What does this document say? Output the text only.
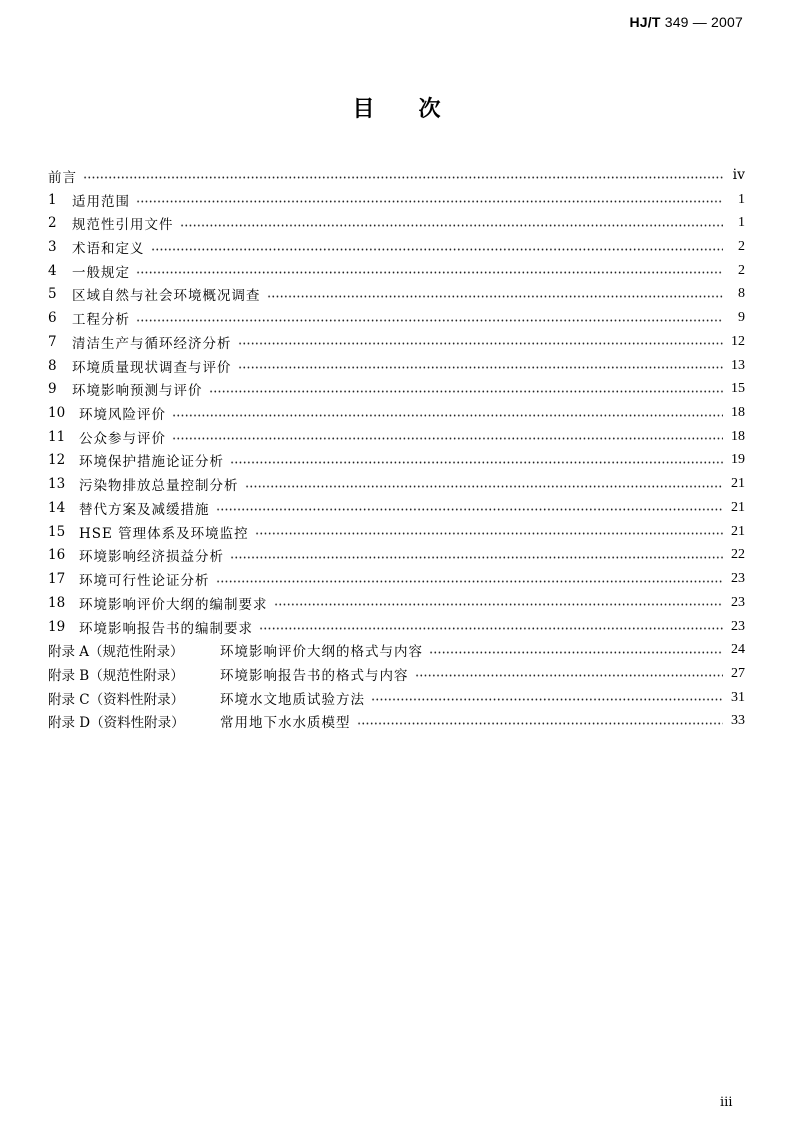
HJ/T 349 — 2007
目 次
前言	ⅳ
1	适用范围	1
2	规范性引用文件	1
3	术语和定义	2
4	一般规定	2
5	区域自然与社会环境概况调查	8
6	工程分析	9
7	清洁生产与循环经济分析	12
8	环境质量现状调查与评价	13
9	环境影响预测与评价	15
10	环境风险评价	18
11	公众参与评价	18
12	环境保护措施论证分析	19
13	污染物排放总量控制分析	21
14	替代方案及减缓措施	21
15	HSE 管理体系及环境监控	21
16	环境影响经济损益分析	22
17	环境可行性论证分析	23
18	环境影响评价大纲的编制要求	23
19	环境影响报告书的编制要求	23
附录 A（规范性附录）	环境影响评价大纲的格式与内容	24
附录 B（规范性附录）	环境影响报告书的格式与内容	27
附录 C（资料性附录）	环境水文地质试验方法	31
附录 D（资料性附录）	常用地下水水质模型	33
ⅲ
